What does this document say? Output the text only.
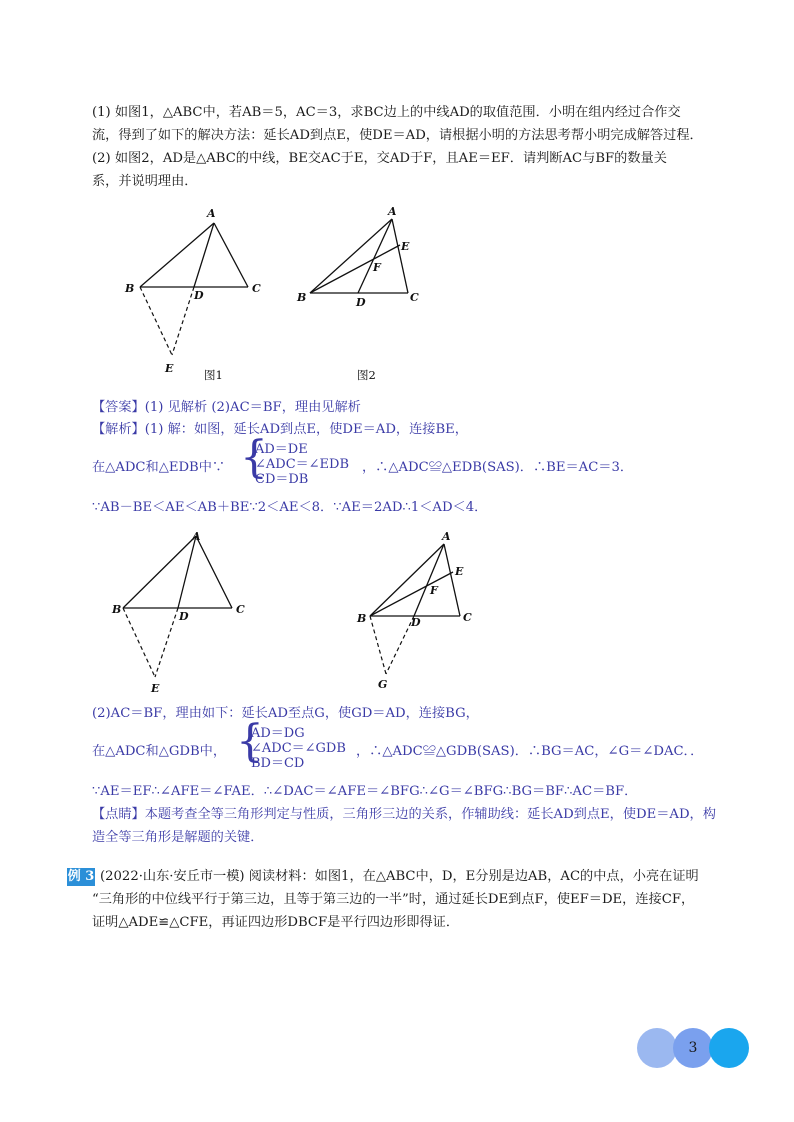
(1) 如图1，△ABC中，若AB＝5，AC＝3，求BC边上的中线AD的取值范围．小明在组内经过合作交
流，得到了如下的解决方法：延长AD到点E，使DE＝AD，请根据小明的方法思考帮小明完成解答过程．
(2) 如图2，AD是△ABC的中线，BE交AC于E，交AD于F，且AE＝EF．请判断AC与BF的数量关
系，并说明理由．
A
B	C
D
E	图1
A
E
F
B	D	C
图2
【答案】(1) 见解析 (2)AC＝BF，理由见解析
【解析】(1) 解：如图，延长AD到点E，使DE＝AD，连接BE，
在△ADC和△EDB中∵ {
AD＝DE
∠ADC＝∠EDB
CD＝DB
，∴△ADC≌△EDB(SAS)．∴BE＝AC＝3．
∵AB－BE＜AE＜AB＋BE∵2＜AE＜8．∵AE＝2AD∴1＜AD＜4．
A
B	C
D
E
A
E
F
B	D	C
G
(2)AC＝BF，理由如下：延长AD至点G，使GD＝AD，连接BG，
在△ADC和△GDB中， {
AD＝DG
∠ADC＝∠GDB
BD＝CD
，∴△ADC≌△GDB(SAS)．∴BG＝AC，∠G＝∠DAC．．
∵AE＝EF∴∠AFE＝∠FAE．∴∠DAC＝∠AFE＝∠BFG∴∠G＝∠BFG∴BG＝BF∴AC＝BF．
【点睛】本题考查全等三角形判定与性质，三角形三边的关系，作辅助线：延长AD到点E，使DE＝AD，构
造全等三角形是解题的关键．
例 3 (2022·山东·安丘市一模) 阅读材料：如图1，在△ABC中，D，E分别是边AB，AC的中点，小亮在证明
“三角形的中位线平行于第三边，且等于第三边的一半”时，通过延长DE到点F，使EF＝DE，连接CF，
证明△ADE≌△CFE，再证四边形DBCF是平行四边形即得证．
3
